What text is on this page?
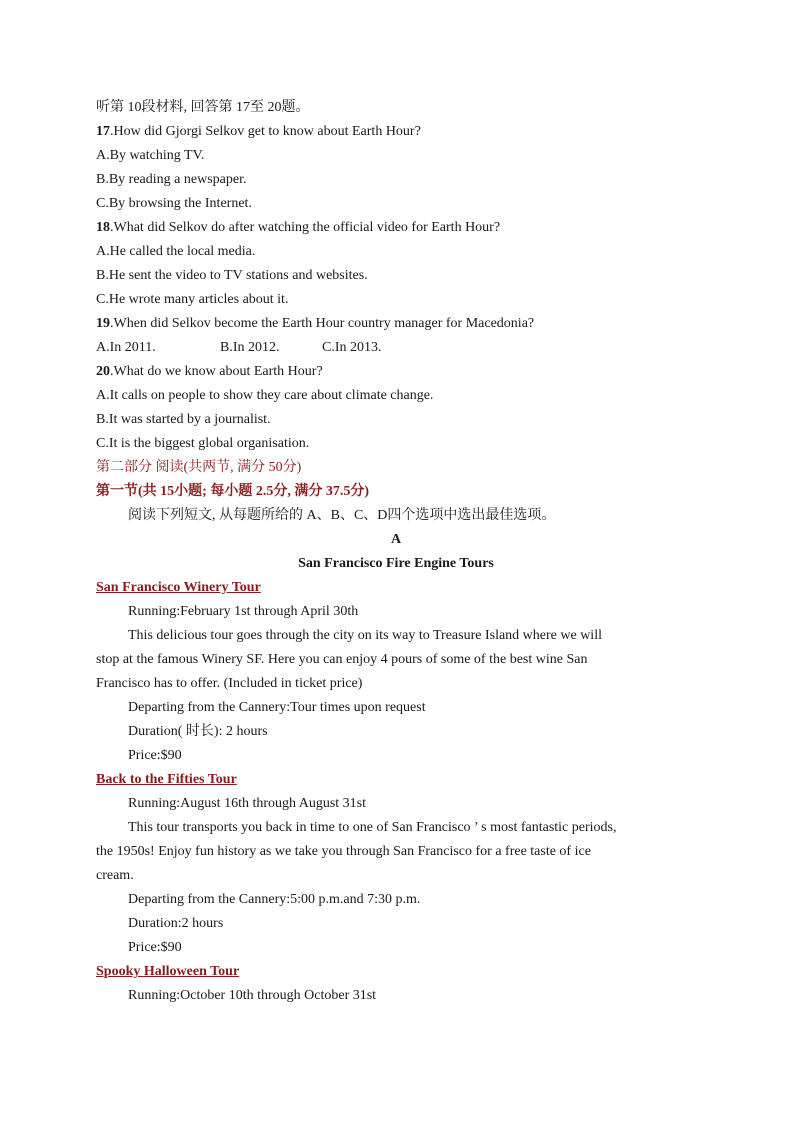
听第 10段材料, 回答第 17至 20题。
17.How did Gjorgi Selkov get to know about Earth Hour?
A.By watching TV.
B.By reading a newspaper.
C.By browsing the Internet.
18.What did Selkov do after watching the official video for Earth Hour?
A.He called the local media.
B.He sent the video to TV stations and websites.
C.He wrote many articles about it.
19.When did Selkov become the Earth Hour country manager for Macedonia?
A.In 2011.	B.In 2012.	C.In 2013.
20.What do we know about Earth Hour?
A.It calls on people to show they care about climate change.
B.It was started by a journalist.
C.It is the biggest global organisation.
第二部分 阅读(共两节, 满分 50分)
第一节(共 15小题; 每小题 2.5分, 满分 37.5分)
阅读下列短文, 从每题所给的 A、B、C、D四个选项中选出最佳选项。
A
San Francisco Fire Engine Tours
San Francisco Winery Tour
Running:February 1st through April 30th
This delicious tour goes through the city on its way to Treasure Island where we will
stop at the famous Winery SF. Here you can enjoy 4 pours of some of the best wine San
Francisco has to offer. (Included in ticket price)
Departing from the Cannery:Tour times upon request
Duration( 时长): 2 hours
Price:$90
Back to the Fifties Tour
Running:August 16th through August 31st
This tour transports you back in time to one of San Francisco ’ s most fantastic periods,
the 1950s! Enjoy fun history as we take you through San Francisco for a free taste of ice
cream.
Departing from the Cannery:5:00 p.m.and 7:30 p.m.
Duration:2 hours
Price:$90
Spooky Halloween Tour
Running:October 10th through October 31st
